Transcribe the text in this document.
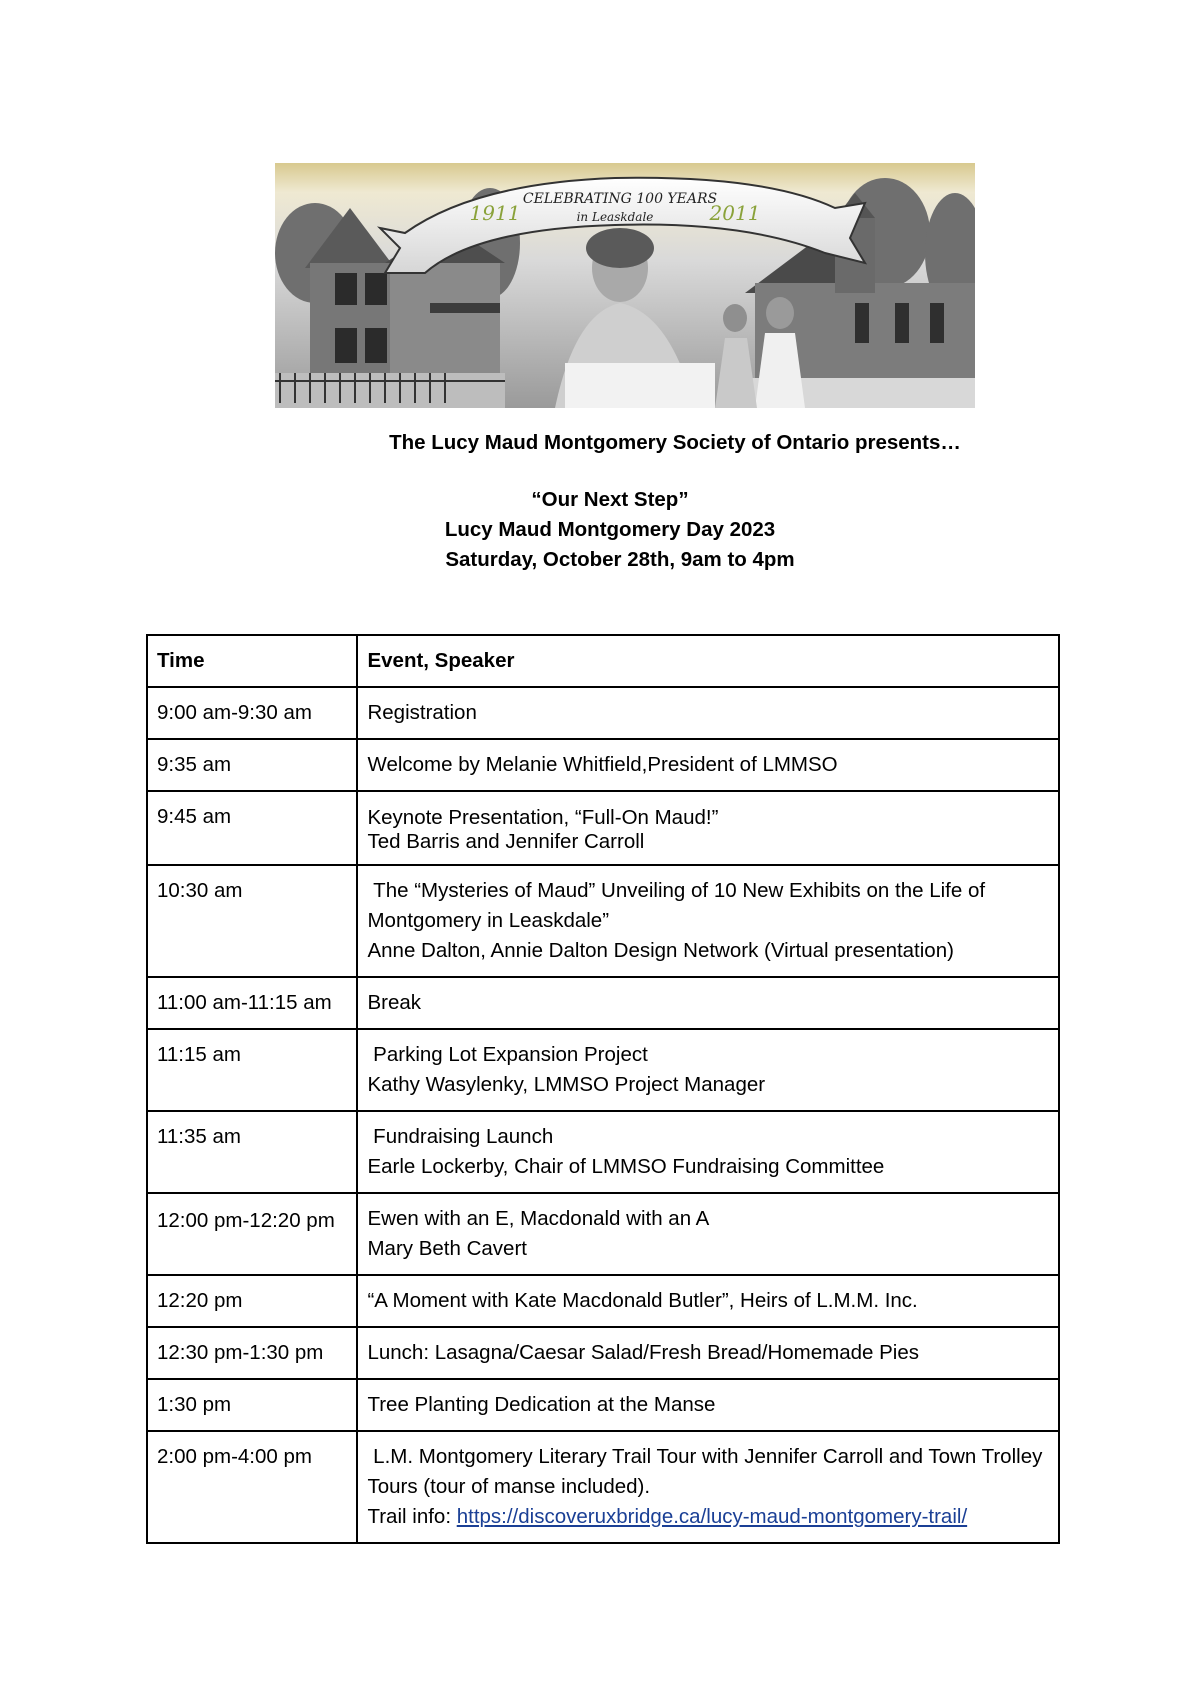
CELEBRATING 100 YEARS
in Leaskdale
1911	2011
The Lucy Maud Montgomery Society of Ontario presents…
“Our Next Step”
Lucy Maud Montgomery Day 2023
Saturday, October 28th, 9am to 4pm
Time	Event, Speaker
9:00 am-9:30 am	Registration

9:35 am	Welcome by Melanie Whitfield,President of LMMSO

9:45 am	Keynote Presentation, “Full-On Maud!”
Ted Barris and Jennifer Carroll

10:30 am	The “Mysteries of Maud” Unveiling of 10 New Exhibits on the Life of Montgomery in Leaskdale”
Anne Dalton, Annie Dalton Design Network (Virtual presentation)

11:00 am-11:15 am	Break

11:15 am	Parking Lot Expansion Project
Kathy Wasylenky, LMMSO Project Manager

11:35 am	Fundraising Launch
Earle Lockerby, Chair of LMMSO Fundraising Committee

12:00 pm-12:20 pm	Ewen with an E, Macdonald with an A
Mary Beth Cavert

12:20 pm	“A Moment with Kate Macdonald Butler”, Heirs of L.M.M. Inc.

12:30 pm-1:30 pm	Lunch: Lasagna/Caesar Salad/Fresh Bread/Homemade Pies

1:30 pm	Tree Planting Dedication at the Manse

2:00 pm-4:00 pm	L.M. Montgomery Literary Trail Tour with Jennifer Carroll and Town Trolley Tours (tour of manse included).
Trail info: https://discoveruxbridge.ca/lucy-maud-montgomery-trail/
